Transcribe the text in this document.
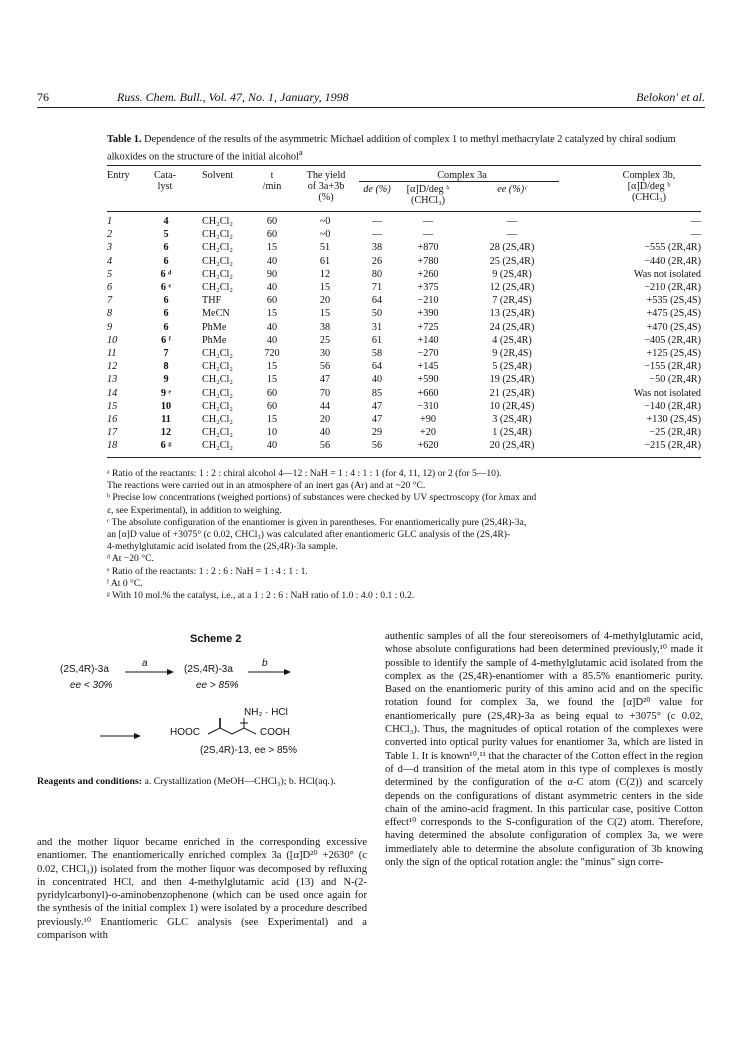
76	Russ. Chem. Bull., Vol. 47, No. 1, January, 1998	Belokon' et al.
Table 1. Dependence of the results of the asymmetric Michael addition of complex 1 to methyl methacrylate 2 catalyzed by chiral sodium alkoxides on the structure of the initial alcohol$^a$
Entry	Cata-
lyst
Solvent	t
/min
The yield
of 3a+3b
(%)
Complex 3a
de (%)	[α]D/deg ᵇ
(CHCl₃)
ee (%)ᶜ
Complex 3b,
[α]D/deg ᵇ
(CHCl₃)
1	4	CH₂Cl₂	60	~0	—	—	—	—
2	5	CH₂Cl₂	60	~0	—	—	—	—
3	6	CH₂Cl₂	15	51	38	+870	28 (2S,4R)	−555 (2R,4R)
4	6	CH₂Cl₂	40	61	26	+780	25 (2S,4R)	−440 (2R,4R)
5	6 ᵈ	CH₂Cl₂	90	12	80	+260	9 (2S,4R)	Was not isolated
6	6 ᵉ	CH₂Cl₂	40	15	71	+375	12 (2S,4R)	−210 (2R,4R)
7	6	THF	60	20	64	−210	7 (2R,4S)	+535 (2S,4S)
8	6	MeCN	15	15	50	+390	13 (2S,4R)	+475 (2S,4S)
9	6	PhMe	40	38	31	+725	24 (2S,4R)	+470 (2S,4S)
10	6 ᶠ	PhMe	40	25	61	+140	4 (2S,4R)	−405 (2R,4R)
11	7	CH₂Cl₂	720	30	58	−270	9 (2R,4S)	+125 (2S,4S)
12	8	CH₂Cl₂	15	56	64	+145	5 (2S,4R)	−155 (2R,4R)
13	9	CH₂Cl₂	15	47	40	+590	19 (2S,4R)	−50 (2R,4R)
14	9 ᵉ	CH₂Cl₂	60	70	85	+660	21 (2S,4R)	Was not isolated
15	10	CH₂Cl₂	60	44	47	−310	10 (2R,4S)	−140 (2R,4R)
16	11	CH₂Cl₂	15	20	47	+90	3 (2S,4R)	+130 (2S,4S)
17	12	CH₂Cl₂	10	40	29	+20	1 (2S,4R)	−25 (2R,4R)
18	6 ᵍ	CH₂Cl₂	40	56	56	+620	20 (2S,4R)	−215 (2R,4R)
ᵃ Ratio of the reactants: 1 : 2 : chiral alcohol 4—12 : NaH = 1 : 4 : 1 : 1 (for 4, 11, 12) or 2 (for 5—10).
The reactions were carried out in an atmosphere of an inert gas (Ar) and at ~20 °C.
ᵇ Precise low concentrations (weighed portions) of substances were checked by UV spectroscopy (for λmax and
ε, see Experimental), in addition to weighing.
ᶜ The absolute configuration of the enantiomer is given in parentheses. For enantiomerically pure (2S,4R)-3a,
an [α]D value of +3075° (c 0.02, CHCl₃) was calculated after enantiomeric GLC analysis of the (2S,4R)-
4-methylglutamic acid isolated from the (2S,4R)-3a sample.
ᵈ At −20 °C.
ᵉ Ratio of the reactants: 1 : 2 : 6 : NaH = 1 : 4 : 1 : 1.
ᶠ At 0 °C.
ᵍ With 10 mol.% the catalyst, i.e., at a 1 : 2 : 6 : NaH ratio of 1.0 : 4.0 : 0.1 : 0.2.
Scheme 2
(2S,4R)-3a
ee < 30%
a
(2S,4R)-3a
ee > 85%
b
NH₂ · HCl
HOOC	COOH
(2S,4R)-13, ee > 85%
Reagents and conditions: a. Crystallization (MeOH—CHCl₃); b. HCl(aq.).
and the mother liquor became enriched in the corresponding excessive enantiomer. The enantiomerically enriched complex 3a ([α]D²⁰ +2630° (c 0.02, CHCl₃)) isolated from the mother liquor was decomposed by refluxing in concentrated HCl, and then 4-methylglutamic acid (13) and N-(2-pyridylcarbonyl)-o-aminobenzophenone (which can be used once again for the synthesis of the initial complex 1) were isolated by a procedure described previously.¹⁰ Enantiomeric GLC analysis (see Experimental) and a comparison with
authentic samples of all the four stereoisomers of 4-methylglutamic acid, whose absolute configurations had been determined previously,¹⁰ made it possible to identify the sample of 4-methylglutamic acid isolated from the complex as the (2S,4R)-enantiomer with a 85.5% enantiomeric purity. Based on the enantiomeric purity of this amino acid and on the specific rotation found for complex 3a, we found the [α]D²⁰ value for enantiomerically pure (2S,4R)-3a as being equal to +3075° (c 0.02, CHCl₃). Thus, the magnitudes of optical rotation of the complexes were converted into optical purity values for enantiomer 3a, which are listed in Table 1. It is known¹⁰,¹¹ that the character of the Cotton effect in the region of d—d transition of the metal atom in this type of complexes is mostly determined by the configuration of the α-C atom (C(2)) and scarcely depends on the configurations of distant asymmetric centers in the side chain of the amino-acid fragment. In this particular case, positive Cotton effect¹⁰ corresponds to the S-configuration of the C(2) atom. Therefore, having determined the absolute configuration of complex 3a, we were immediately able to determine the absolute configuration of 3b knowing only the sign of the optical rotation angle: the "minus" sign corre-
